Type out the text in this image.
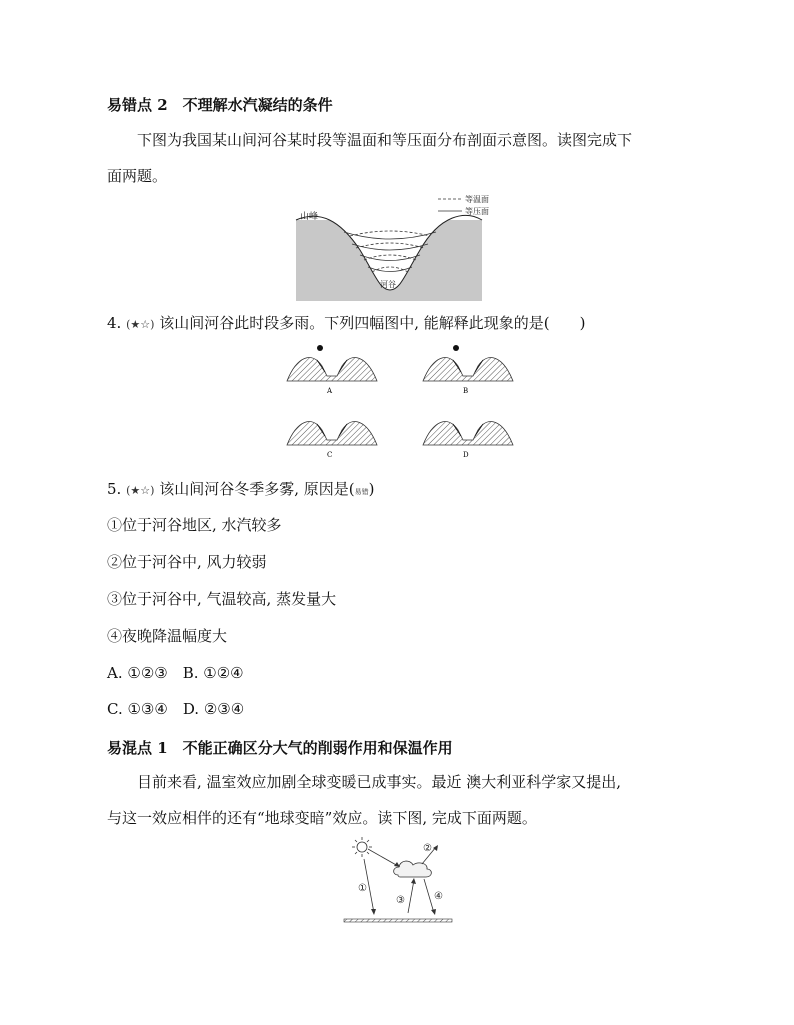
易错点 2　不理解水汽凝结的条件
下图为我国某山间河谷某时段等温面和等压面分布剖面示意图。读图完成下
面两题。
山峰
河谷
等温面
等压面
4. (★☆) 该山间河谷此时段多雨。下列四幅图中, 能解释此现象的是(　　)
A	B
C	D
5. (★☆) 该山间河谷冬季多雾, 原因是(易错)
①位于河谷地区, 水汽较多
②位于河谷中, 风力较弱
③位于河谷中, 气温较高, 蒸发量大
④夜晚降温幅度大
A. ①②③　B. ①②④
C. ①③④　D. ②③④
易混点 1　不能正确区分大气的削弱作用和保温作用
目前来看, 温室效应加剧全球变暖已成事实。最近 澳大利亚科学家又提出,
与这一效应相伴的还有“地球变暗”效应。读下图, 完成下面两题。
①
②
③	④
